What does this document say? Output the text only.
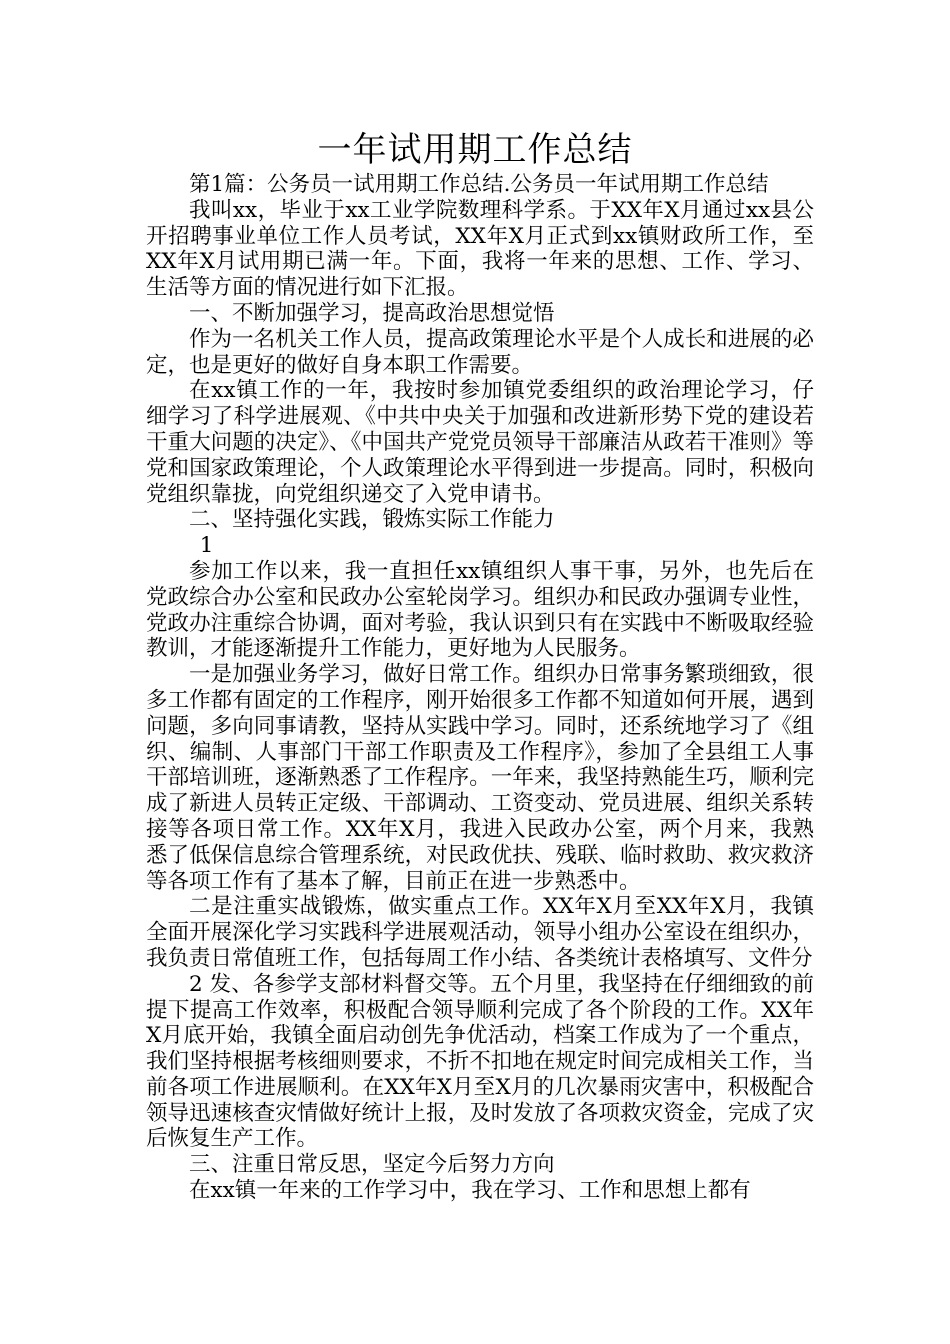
一年试用期工作总结

第1篇：公务员一试用期工作总结.公务员一年试用期工作总结

我叫xx，毕业于xx工业学院数理科学系。于XX年X月通过xx县公开招聘事业单位工作人员考试，XX年X月正式到xx镇财政所工作，至XX年X月试用期已满一年。下面，我将一年来的思想、工作、学习、生活等方面的情况进行如下汇报。

一、不断加强学习，提高政治思想觉悟

作为一名机关工作人员，提高政策理论水平是个人成长和进展的必定，也是更好的做好自身本职工作需要。

在xx镇工作的一年，我按时参加镇党委组织的政治理论学习，仔细学习了科学进展观、《中共中央关于加强和改进新形势下党的建设若干重大问题的决定》、《中国共产党党员领导干部廉洁从政若干准则》等党和国家政策理论，个人政策理论水平得到进一步提高。同时，积极向党组织靠拢，向党组织递交了入党申请书。

二、坚持强化实践，锻炼实际工作能力

1

参加工作以来，我一直担任xx镇组织人事干事，另外，也先后在党政综合办公室和民政办公室轮岗学习。组织办和民政办强调专业性，党政办注重综合协调，面对考验，我认识到只有在实践中不断吸取经验教训，才能逐渐提升工作能力，更好地为人民服务。

一是加强业务学习，做好日常工作。组织办日常事务繁琐细致，很多工作都有固定的工作程序，刚开始很多工作都不知道如何开展，遇到问题，多向同事请教，坚持从实践中学习。同时，还系统地学习了《组织、编制、人事部门干部工作职责及工作程序》，参加了全县组工人事干部培训班，逐渐熟悉了工作程序。一年来，我坚持熟能生巧，顺利完成了新进人员转正定级、干部调动、工资变动、党员进展、组织关系转接等各项日常工作。XX年X月，我进入民政办公室，两个月来，我熟悉了低保信息综合管理系统，对民政优扶、残联、临时救助、救灾救济等各项工作有了基本了解，目前正在进一步熟悉中。

二是注重实战锻炼，做实重点工作。XX年X月至XX年X月，我镇全面开展深化学习实践科学进展观活动，领导小组办公室设在组织办，我负责日常值班工作，包括每周工作小结、各类统计表格填写、文件分

2 发、各参学支部材料督交等。五个月里，我坚持在仔细细致的前提下提高工作效率，积极配合领导顺利完成了各个阶段的工作。XX年X月底开始，我镇全面启动创先争优活动，档案工作成为了一个重点，我们坚持根据考核细则要求，不折不扣地在规定时间完成相关工作，当前各项工作进展顺利。在XX年X月至X月的几次暴雨灾害中，积极配合领导迅速核查灾情做好统计上报，及时发放了各项救灾资金，完成了灾后恢复生产工作。

三、注重日常反思，坚定今后努力方向

在xx镇一年来的工作学习中，我在学习、工作和思想上都有
